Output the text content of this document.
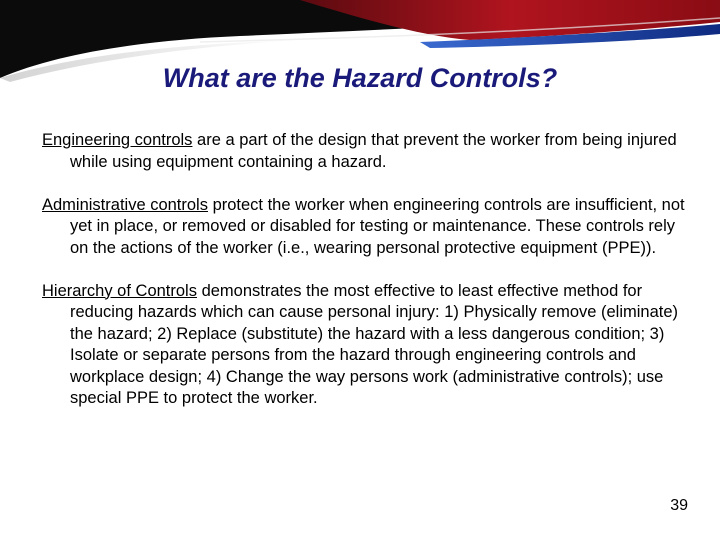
What are the Hazard Controls?

Engineering controls are a part of the design that prevent the worker from being injured while using equipment containing a hazard.

Administrative controls protect the worker when engineering controls are insufficient, not yet in place, or removed or disabled for testing or maintenance. These controls rely on the actions of the worker (i.e., wearing personal protective equipment (PPE)).

Hierarchy of Controls demonstrates the most effective to least effective method for reducing hazards which can cause personal injury: 1) Physically remove (eliminate) the hazard; 2) Replace (substitute) the hazard with a less dangerous condition; 3) Isolate or separate persons from the hazard through engineering controls and workplace design; 4) Change the way persons work (administrative controls); use special PPE to protect the worker.

39
